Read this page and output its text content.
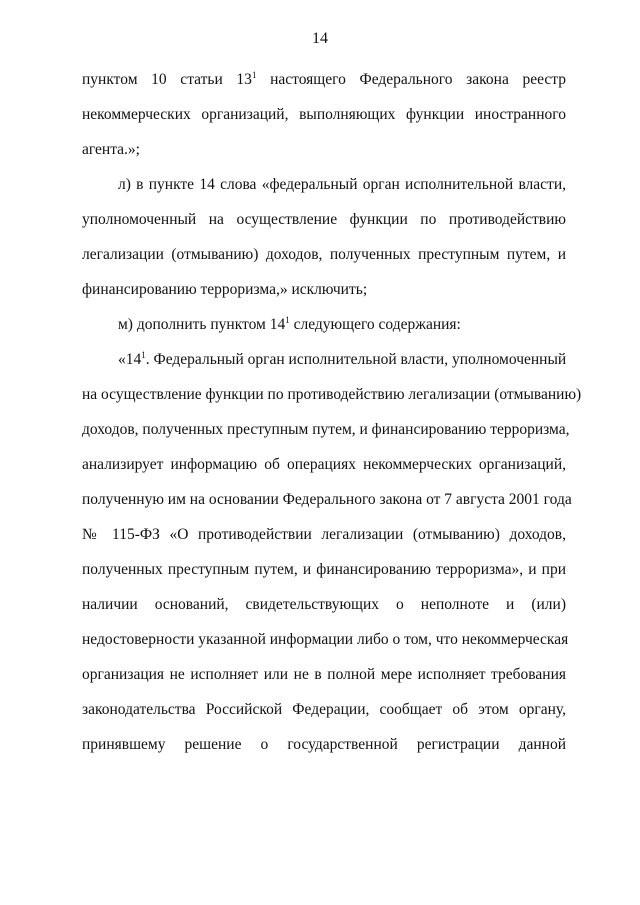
14
пунктом 10 статьи $13^1$ настоящего Федерального закона реестр
некоммерческих организаций, выполняющих функции иностранного
агента.»;
л) в пункте 14 слова «федеральный орган исполнительной власти,
уполномоченный на осуществление функции по противодействию
легализации (отмыванию) доходов, полученных преступным путем, и
финансированию терроризма,» исключить;
м) дополнить пунктом $14^1$ следующего содержания:
«$14^1$. Федеральный орган исполнительной власти, уполномоченный
на осуществление функции по противодействию легализации (отмыванию)
доходов, полученных преступным путем, и финансированию терроризма,
анализирует информацию об операциях некоммерческих организаций,
полученную им на основании Федерального закона от 7 августа 2001 года
№ 115-ФЗ «О противодействии легализации (отмыванию) доходов,
полученных преступным путем, и финансированию терроризма», и при
наличии оснований, свидетельствующих о неполноте и (или)
недостоверности указанной информации либо о том, что некоммерческая
организация не исполняет или не в полной мере исполняет требования
законодательства Российской Федерации, сообщает об этом органу,
принявшему решение о государственной регистрации данной
